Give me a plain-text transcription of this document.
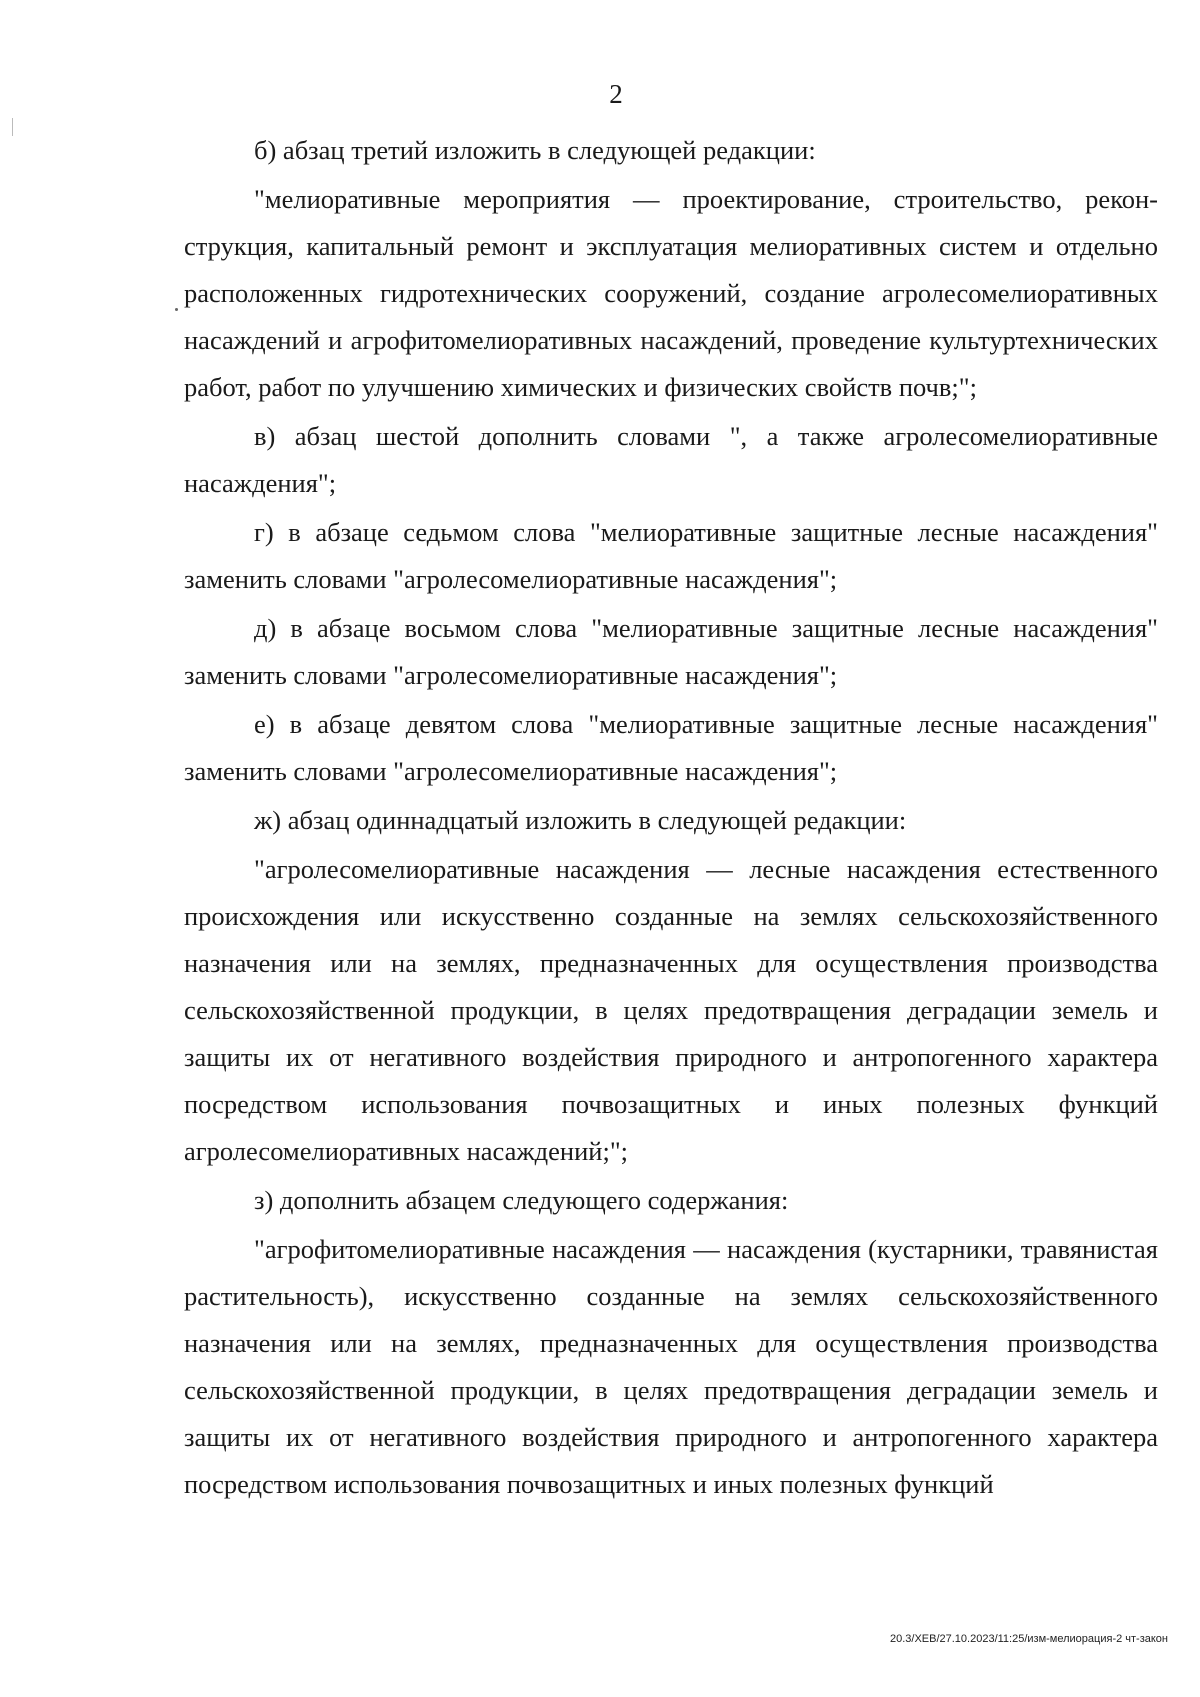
2

б) абзац третий изложить в следующей редакции:

"мелиоративные мероприятия — проектирование, строительство, реконструкция, капитальный ремонт и эксплуатация мелиоративных систем и отдельно расположенных гидротехнических сооружений, создание агролесомелиоративных насаждений и агрофитомелиоративных насаждений, проведение культуртехнических работ, работ по улучшению химических и физических свойств почв;";

в) абзац шестой дополнить словами ", а также агролесомелиоративные насаждения";

г) в абзаце седьмом слова "мелиоративные защитные лесные насаждения" заменить словами "агролесомелиоративные насаждения";

д) в абзаце восьмом слова "мелиоративные защитные лесные насаждения" заменить словами "агролесомелиоративные насаждения";

е) в абзаце девятом слова "мелиоративные защитные лесные насаждения" заменить словами "агролесомелиоративные насаждения";

ж) абзац одиннадцатый изложить в следующей редакции:

"агролесомелиоративные насаждения — лесные насаждения естественного происхождения или искусственно созданные на землях сельскохозяйственного назначения или на землях, предназначенных для осуществления производства сельскохозяйственной продукции, в целях предотвращения деградации земель и защиты их от негативного воздействия природного и антропогенного характера посредством использования почвозащитных и иных полезных функций агролесомелиоративных насаждений;";

з) дополнить абзацем следующего содержания:

"агрофитомелиоративные насаждения — насаждения (кустарники, травянистая растительность), искусственно созданные на землях сельскохозяйственного назначения или на землях, предназначенных для осуществления производства сельскохозяйственной продукции, в целях предотвращения деградации земель и защиты их от негативного воздействия природного и антропогенного характера посредством использования почвозащитных и иных полезных функций

20.3/XEB/27.10.2023/11:25/изм-мелиорация-2 чт-закон
